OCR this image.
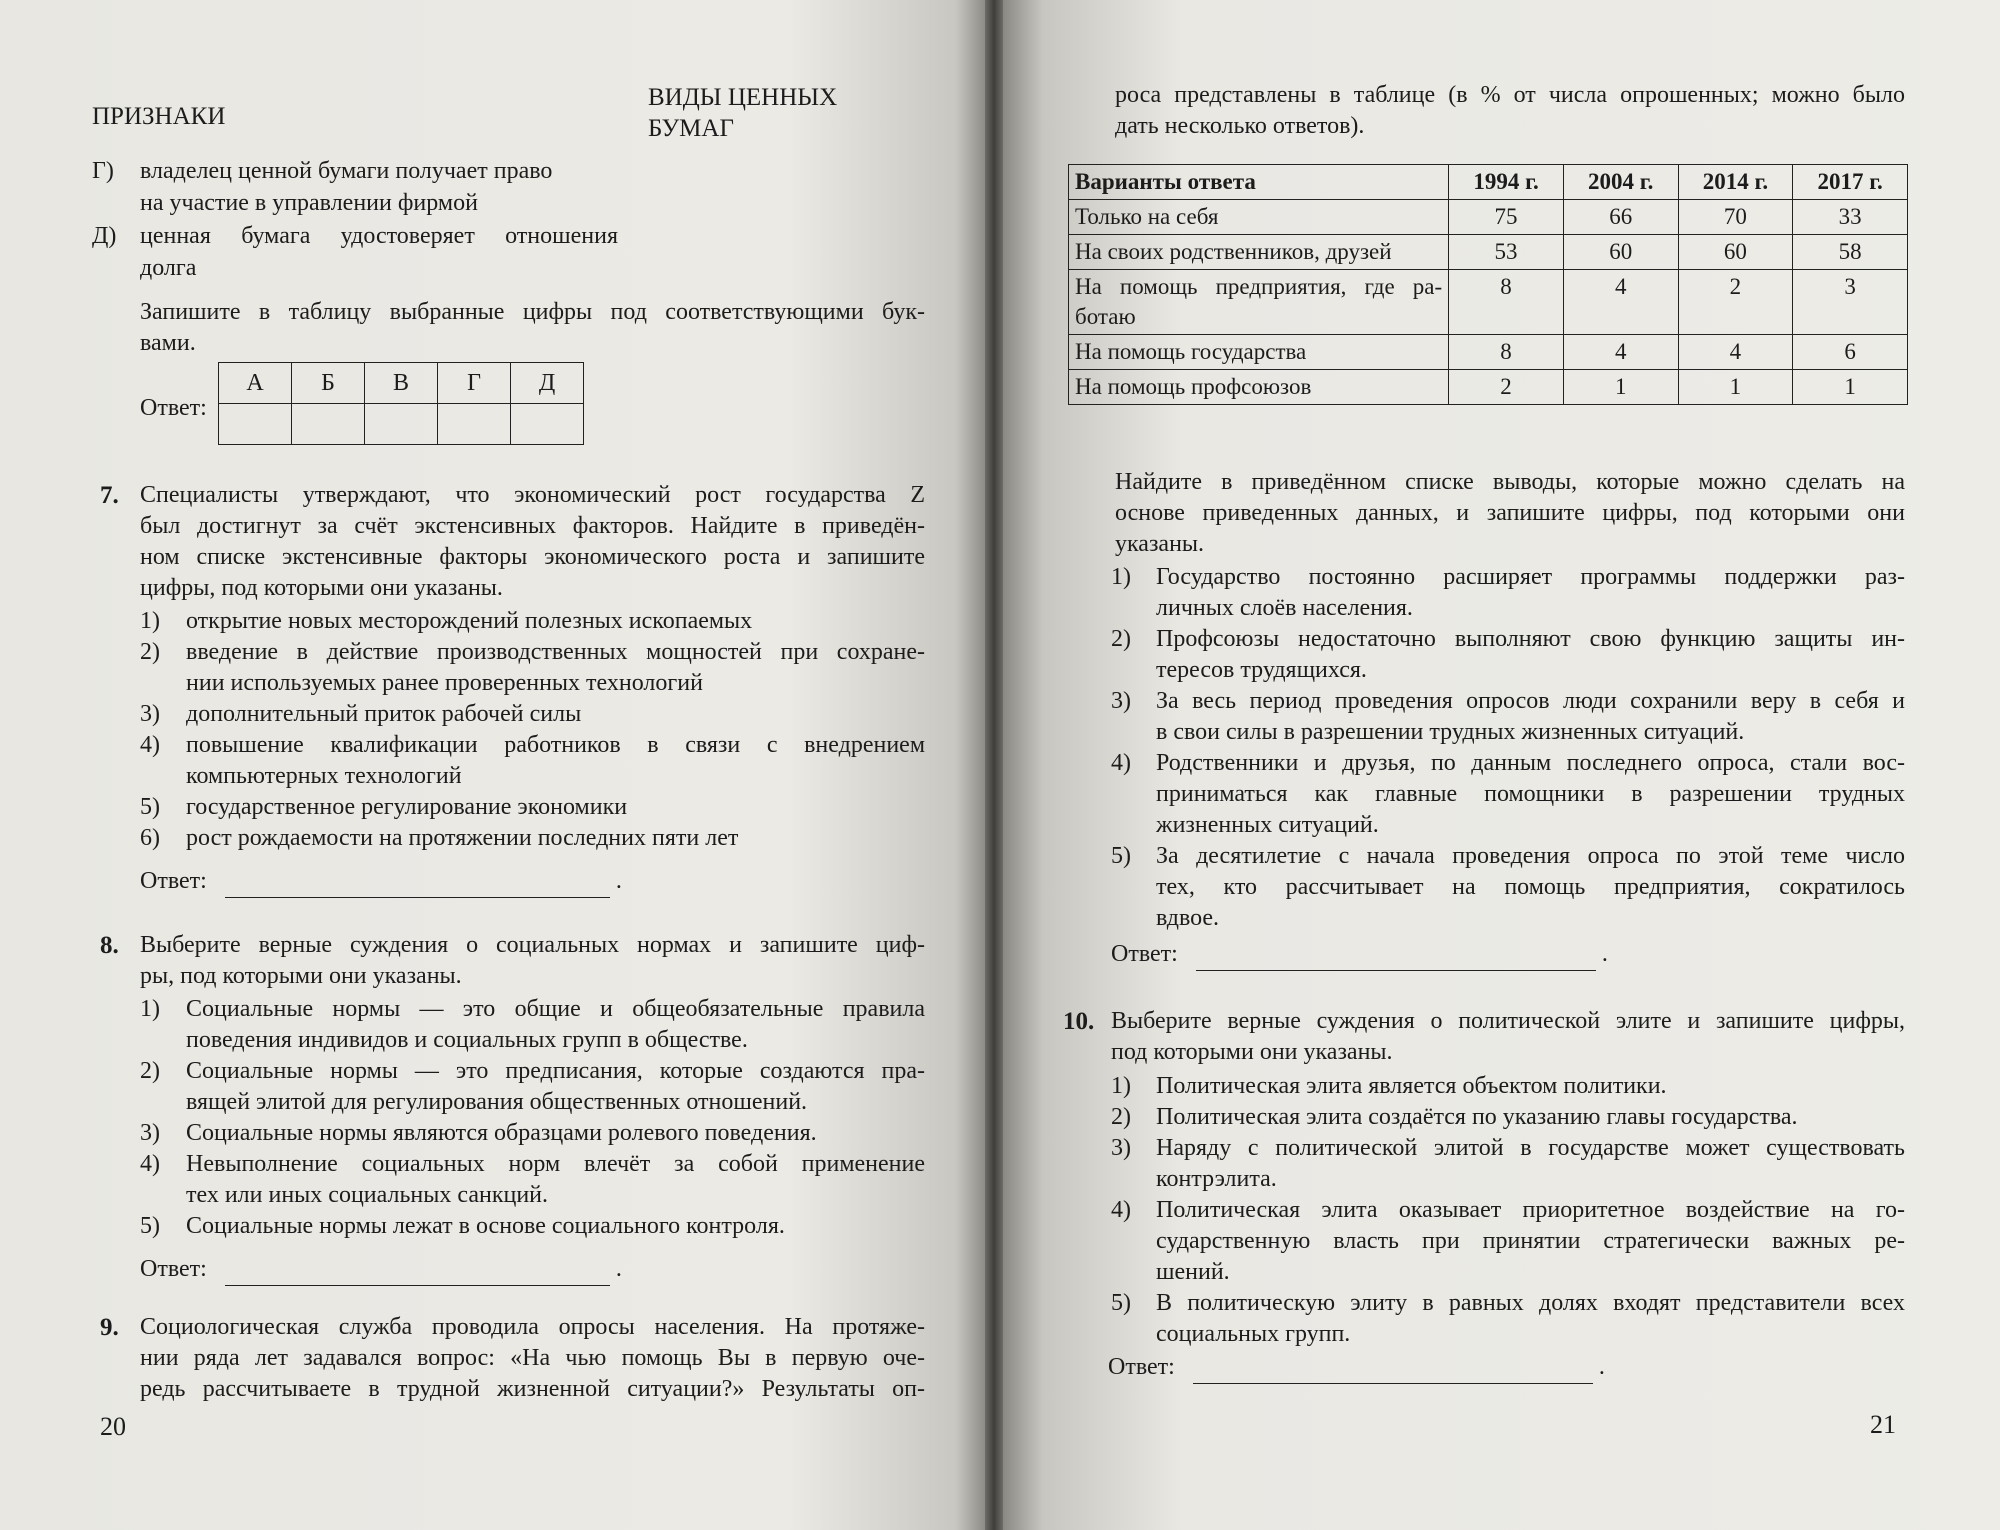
ПРИЗНАКИ
ВИДЫ ЦЕННЫХ
БУМАГ
Г) владелец ценной бумаги получает право
на участие в управлении фирмой
Д) ценная бумага удостоверяет отношения
долга
Запишите в таблицу выбранные цифры под соответствующими бук-
вами.
Ответ:
А	Б	В	Г	Д

7. Специалисты утверждают, что экономический рост государства Z
был достигнут за счёт экстенсивных факторов. Найдите в приведён-
ном списке экстенсивные факторы экономического роста и запишите
цифры, под которыми они указаны.
1) открытие новых месторождений полезных ископаемых
2) введение в действие производственных мощностей при сохране-
нии используемых ранее проверенных технологий
3) дополнительный приток рабочей силы
4) повышение квалификации работников в связи с внедрением
компьютерных технологий
5) государственное регулирование экономики
6) рост рождаемости на протяжении последних пяти лет
Ответ:	.
8. Выберите верные суждения о социальных нормах и запишите циф-
ры, под которыми они указаны.
1) Социальные нормы — это общие и общеобязательные правила
поведения индивидов и социальных групп в обществе.
2) Социальные нормы — это предписания, которые создаются пра-
вящей элитой для регулирования общественных отношений.
3) Социальные нормы являются образцами ролевого поведения.
4) Невыполнение социальных норм влечёт за собой применение
тех или иных социальных санкций.
5) Социальные нормы лежат в основе социального контроля.
Ответ:	.
9. Социологическая служба проводила опросы населения. На протяже-
нии ряда лет задавался вопрос: «На чью помощь Вы в первую оче-
редь рассчитываете в трудной жизненной ситуации?» Результаты оп-
20
роса представлены в таблице (в % от числа опрошенных; можно было
дать несколько ответов).
Варианты ответа	1994 г.	2004 г.	2014 г.	2017 г.
Только на себя	75	66	70	33
На своих родственников, друзей	53	60	60	58

На помощь предприятия, где ра-
ботаю	8	4	2	3
На помощь государства	8	4	4	6
На помощь профсоюзов	2	1	1	1
Найдите в приведённом списке выводы, которые можно сделать на
основе приведенных данных, и запишите цифры, под которыми они
указаны.
1) Государство постоянно расширяет программы поддержки раз-
личных слоёв населения.
2) Профсоюзы недостаточно выполняют свою функцию защиты ин-
тересов трудящихся.
3) За весь период проведения опросов люди сохранили веру в себя и
в свои силы в разрешении трудных жизненных ситуаций.
4) Родственники и друзья, по данным последнего опроса, стали вос-
приниматься как главные помощники в разрешении трудных
жизненных ситуаций.
5) За десятилетие с начала проведения опроса по этой теме число
тех, кто рассчитывает на помощь предприятия, сократилось
вдвое.
Ответ:	.
10. Выберите верные суждения о политической элите и запишите цифры,
под которыми они указаны.
1) Политическая элита является объектом политики.
2) Политическая элита создаётся по указанию главы государства.
3) Наряду с политической элитой в государстве может существовать
контрэлита.
4) Политическая элита оказывает приоритетное воздействие на го-
сударственную власть при принятии стратегически важных ре-
шений.
5) В политическую элиту в равных долях входят представители всех
социальных групп.
Ответ:	.
21
